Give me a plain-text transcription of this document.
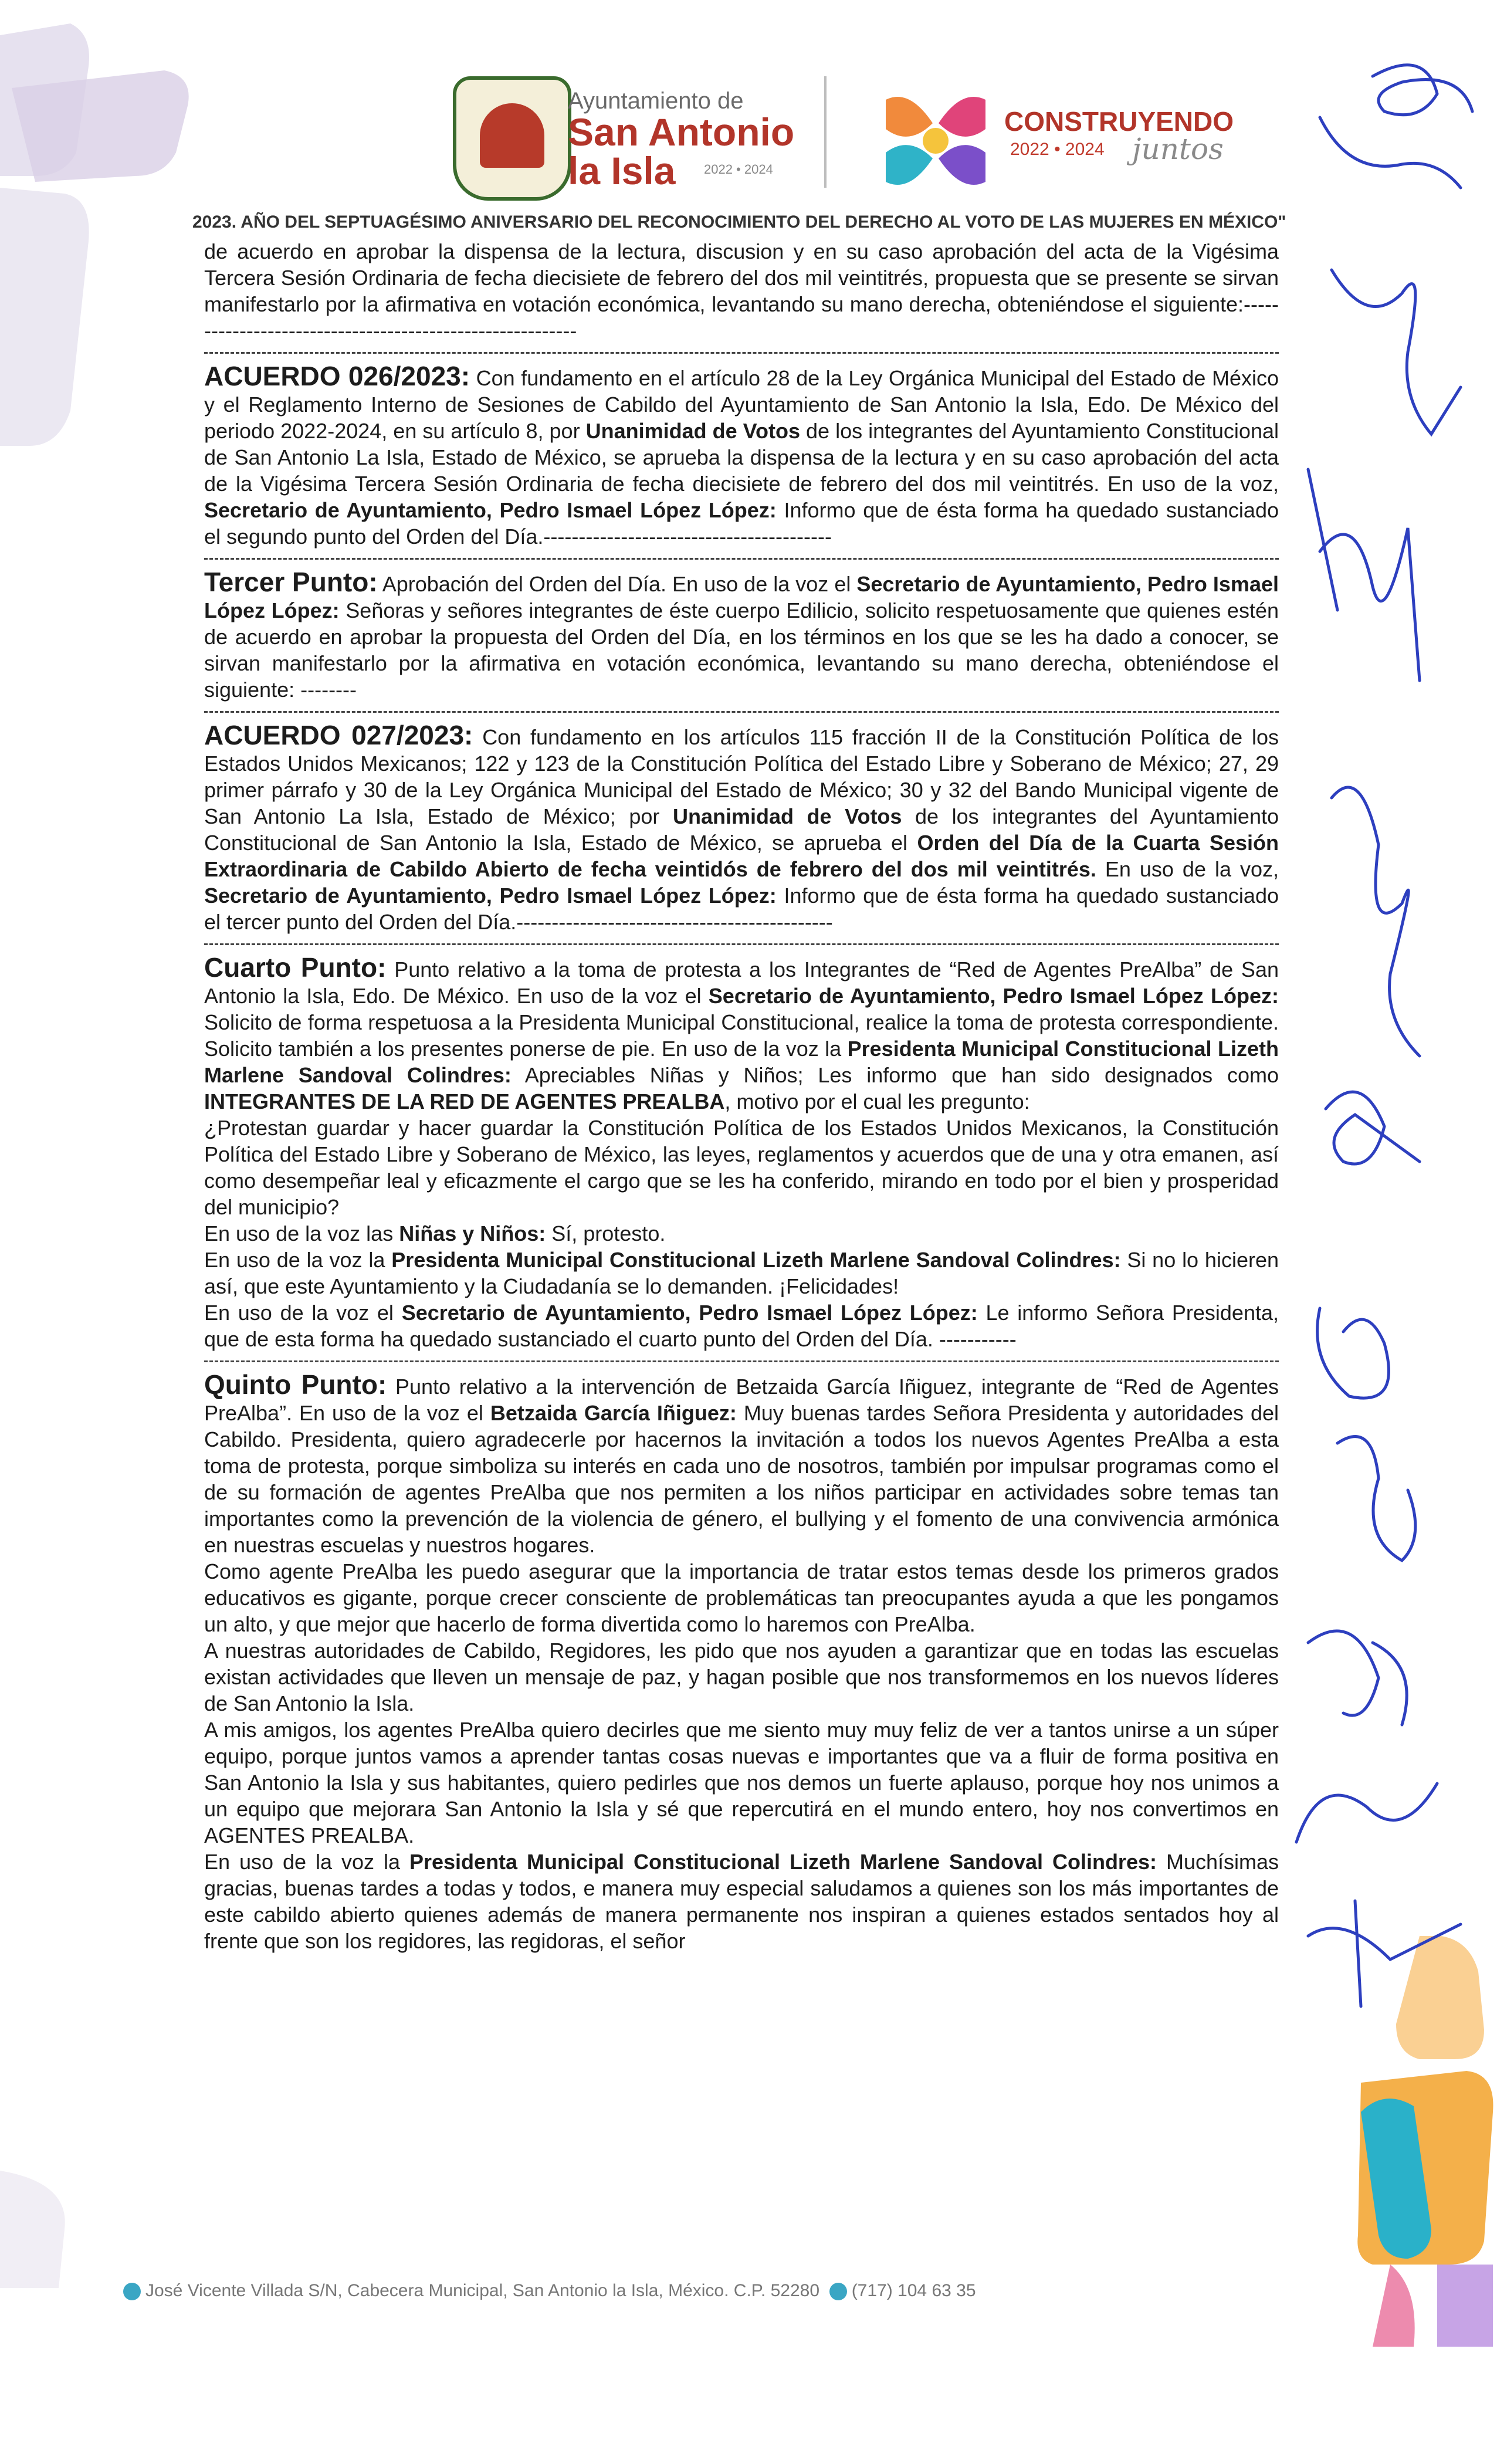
Ayuntamiento de
San Antonio
la Isla 2022 • 2024
CONSTRUYENDO
2022 • 2024 juntos
2023. AÑO DEL SEPTUAGÉSIMO ANIVERSARIO DEL RECONOCIMIENTO DEL DERECHO AL VOTO DE LAS MUJERES EN MÉXICO"

de acuerdo en aprobar la dispensa de la lectura, discusion y en su caso aprobación del acta de la Vigésima Tercera Sesión Ordinaria de fecha diecisiete de febrero del dos mil veintitrés, propuesta que se presente se sirvan manifestarlo por la afirmativa en votación económica, levantando su mano derecha, obteniéndose el siguiente:----------------------------------------------------------

ACUERDO 026/2023: Con fundamento en el artículo 28 de la Ley Orgánica Municipal del Estado de México y el Reglamento Interno de Sesiones de Cabildo del Ayuntamiento de San Antonio la Isla, Edo. De México del periodo 2022-2024, en su artículo 8, por Unanimidad de Votos de los integrantes del Ayuntamiento Constitucional de San Antonio La Isla, Estado de México, se aprueba la dispensa de la lectura y en su caso aprobación del acta de la Vigésima Tercera Sesión Ordinaria de fecha diecisiete de febrero del dos mil veintitrés. En uso de la voz, Secretario de Ayuntamiento, Pedro Ismael López López: Informo que de ésta forma ha quedado sustanciado el segundo punto del Orden del Día.-----------------------------------------

Tercer Punto: Aprobación del Orden del Día. En uso de la voz el Secretario de Ayuntamiento, Pedro Ismael López López: Señoras y señores integrantes de éste cuerpo Edilicio, solicito respetuosamente que quienes estén de acuerdo en aprobar la propuesta del Orden del Día, en los términos en los que se les ha dado a conocer, se sirvan manifestarlo por la afirmativa en votación económica, levantando su mano derecha, obteniéndose el siguiente: --------

ACUERDO 027/2023: Con fundamento en los artículos 115 fracción II de la Constitución Política de los Estados Unidos Mexicanos; 122 y 123 de la Constitución Política del Estado Libre y Soberano de México; 27, 29 primer párrafo y 30 de la Ley Orgánica Municipal del Estado de México; 30 y 32 del Bando Municipal vigente de San Antonio La Isla, Estado de México; por Unanimidad de Votos de los integrantes del Ayuntamiento Constitucional de San Antonio la Isla, Estado de México, se aprueba el Orden del Día de la Cuarta Sesión Extraordinaria de Cabildo Abierto de fecha veintidós de febrero del dos mil veintitrés. En uso de la voz, Secretario de Ayuntamiento, Pedro Ismael López López: Informo que de ésta forma ha quedado sustanciado el tercer punto del Orden del Día.---------------------------------------------

Cuarto Punto: Punto relativo a la toma de protesta a los Integrantes de “Red de Agentes PreAlba” de San Antonio la Isla, Edo. De México. En uso de la voz el Secretario de Ayuntamiento, Pedro Ismael López López: Solicito de forma respetuosa a la Presidenta Municipal Constitucional, realice la toma de protesta correspondiente. Solicito también a los presentes ponerse de pie. En uso de la voz la Presidenta Municipal Constitucional Lizeth Marlene Sandoval Colindres: Apreciables Niñas y Niños; Les informo que han sido designados como INTEGRANTES DE LA RED DE AGENTES PREALBA, motivo por el cual les pregunto:

¿Protestan guardar y hacer guardar la Constitución Política de los Estados Unidos Mexicanos, la Constitución Política del Estado Libre y Soberano de México, las leyes, reglamentos y acuerdos que de una y otra emanen, así como desempeñar leal y eficazmente el cargo que se les ha conferido, mirando en todo por el bien y prosperidad del municipio?

En uso de la voz las Niñas y Niños: Sí, protesto.

En uso de la voz la Presidenta Municipal Constitucional Lizeth Marlene Sandoval Colindres: Si no lo hicieren así, que este Ayuntamiento y la Ciudadanía se lo demanden. ¡Felicidades!

En uso de la voz el Secretario de Ayuntamiento, Pedro Ismael López López: Le informo Señora Presidenta, que de esta forma ha quedado sustanciado el cuarto punto del Orden del Día. -----------

Quinto Punto: Punto relativo a la intervención de Betzaida García Iñiguez, integrante de “Red de Agentes PreAlba”. En uso de la voz el Betzaida García Iñiguez: Muy buenas tardes Señora Presidenta y autoridades del Cabildo. Presidenta, quiero agradecerle por hacernos la invitación a todos los nuevos Agentes PreAlba a esta toma de protesta, porque simboliza su interés en cada uno de nosotros, también por impulsar programas como el de su formación de agentes PreAlba que nos permiten a los niños participar en actividades sobre temas tan importantes como la prevención de la violencia de género, el bullying y el fomento de una convivencia armónica en nuestras escuelas y nuestros hogares.

Como agente PreAlba les puedo asegurar que la importancia de tratar estos temas desde los primeros grados educativos es gigante, porque crecer consciente de problemáticas tan preocupantes ayuda a que les pongamos un alto, y que mejor que hacerlo de forma divertida como lo haremos con PreAlba.

A nuestras autoridades de Cabildo, Regidores, les pido que nos ayuden a garantizar que en todas las escuelas existan actividades que lleven un mensaje de paz, y hagan posible que nos transformemos en los nuevos líderes de San Antonio la Isla.

A mis amigos, los agentes PreAlba quiero decirles que me siento muy muy feliz de ver a tantos unirse a un súper equipo, porque juntos vamos a aprender tantas cosas nuevas e importantes que va a fluir de forma positiva en San Antonio la Isla y sus habitantes, quiero pedirles que nos demos un fuerte aplauso, porque hoy nos unimos a un equipo que mejorara San Antonio la Isla y sé que repercutirá en el mundo entero, hoy nos convertimos en AGENTES PREALBA.

En uso de la voz la Presidenta Municipal Constitucional Lizeth Marlene Sandoval Colindres: Muchísimas gracias, buenas tardes a todas y todos, e manera muy especial saludamos a quienes son los más importantes de este cabildo abierto quienes además de manera permanente nos inspiran a quienes estados sentados hoy al frente que son los regidores, las regidoras, el señor

José Vicente Villada S/N, Cabecera Municipal, San Antonio la Isla, México. C.P. 52280 (717) 104 63 35
